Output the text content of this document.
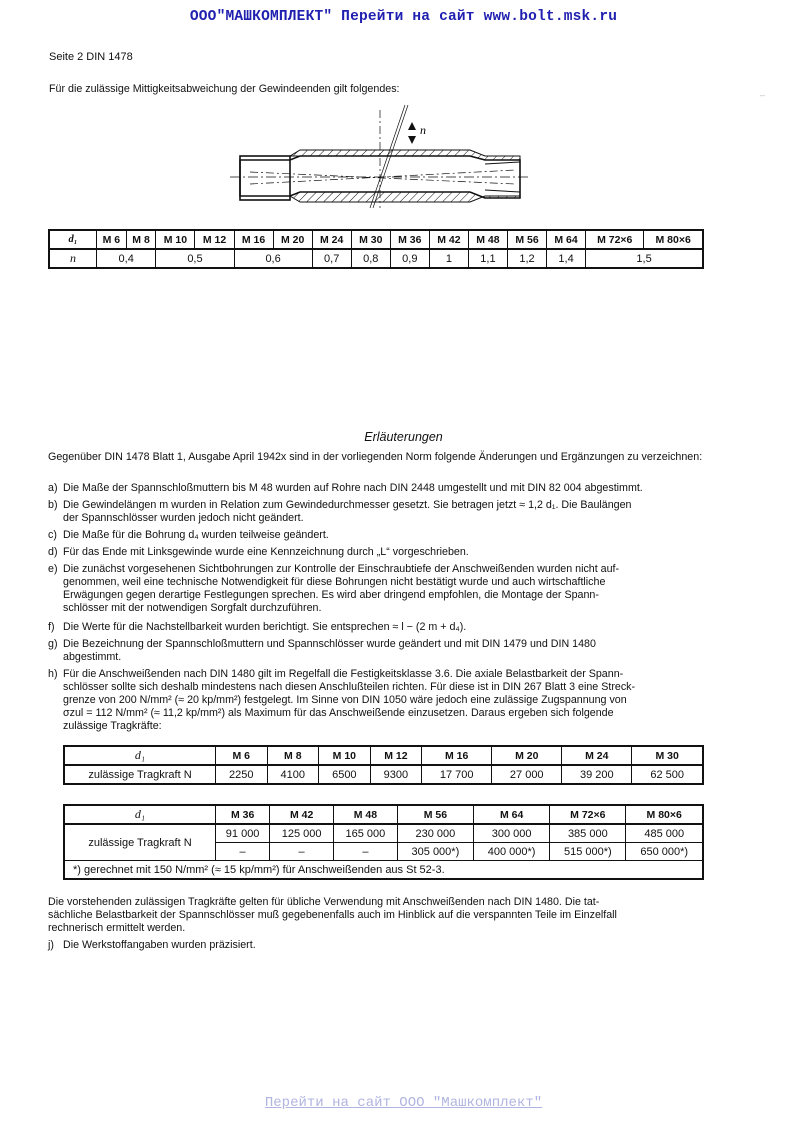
ООО"МАШКОМПЛЕКТ" Перейти на сайт www.bolt.msk.ru
Seite 2 DIN 1478
Für die zulässige Mittigkeitsabweichung der Gewindeenden gilt folgendes:	–
n
d₁	M 6	M 8	M 10	M 12	M 16	M 20	M 24	M 30	M 36	M 42	M 48	M 56	M 64	M 72×6	M 80×6
n	0,4		0,5		0,6		0,7	0,8	0,9	1	1,1	1,2	1,4	1,5	
Erläuterungen
Gegenüber DIN 1478 Blatt 1, Ausgabe April 1942x sind in der vorliegenden Norm folgende Änderungen und Ergänzungen zu verzeichnen:
a) Die Maße der Spannschloßmuttern bis M 48 wurden auf Rohre nach DIN 2448 umgestellt und mit DIN 82 004 abgestimmt.
b) Die Gewindelängen m wurden in Relation zum Gewindedurchmesser gesetzt. Sie betragen jetzt ≈ 1,2 d₁. Die Baulängen
der Spannschlösser wurden jedoch nicht geändert.
c) Die Maße für die Bohrung d₄ wurden teilweise geändert.
d) Für das Ende mit Linksgewinde wurde eine Kennzeichnung durch „L“ vorgeschrieben.
e) Die zunächst vorgesehenen Sichtbohrungen zur Kontrolle der Einschraubtiefe der Anschweißenden wurden nicht auf-
genommen, weil eine technische Notwendigkeit für diese Bohrungen nicht bestätigt wurde und auch wirtschaftliche
Erwägungen gegen derartige Festlegungen sprechen. Es wird aber dringend empfohlen, die Montage der Spann-
schlösser mit der notwendigen Sorgfalt durchzuführen.
f) Die Werte für die Nachstellbarkeit wurden berichtigt. Sie entsprechen ≈ l − (2 m + d₄).
g) Die Bezeichnung der Spannschloßmuttern und Spannschlösser wurde geändert und mit DIN 1479 und DIN 1480
abgestimmt.
h) Für die Anschweißenden nach DIN 1480 gilt im Regelfall die Festigkeitsklasse 3.6. Die axiale Belastbarkeit der Spann-
schlösser sollte sich deshalb mindestens nach diesen Anschlußteilen richten. Für diese ist in DIN 267 Blatt 3 eine Streck-
grenze von 200 N/mm² (≈ 20 kp/mm²) festgelegt. Im Sinne von DIN 1050 wäre jedoch eine zulässige Zugspannung von
σzul = 112 N/mm² (≈ 11,2 kp/mm²) als Maximum für das Anschweißende einzusetzen. Daraus ergeben sich folgende
zulässige Tragkräfte:
d₁	M 6	M 8	M 10	M 12	M 16	M 20	M 24	M 30
zulässige Tragkraft N	2250	4100	6500	9300	17 700	27 000	39 200	62 500
d₁	M 36	M 42	M 48	M 56	M 64	M 72×6	M 80×6
zulässige Tragkraft N	91 000	125 000	165 000	230 000	300 000	385 000	485 000
	–	–	–	305 000*)	400 000*)	515 000*)	650 000*)
*) gerechnet mit 150 N/mm² (≈ 15 kp/mm²) für Anschweißenden aus St 52-3.							
Die vorstehenden zulässigen Tragkräfte gelten für übliche Verwendung mit Anschweißenden nach DIN 1480. Die tat-
sächliche Belastbarkeit der Spannschlösser muß gegebenenfalls auch im Hinblick auf die verspannten Teile im Einzelfall
rechnerisch ermittelt werden.
j) Die Werkstoffangaben wurden präzisiert.
Перейти на сайт ООО "Машкомплект"
